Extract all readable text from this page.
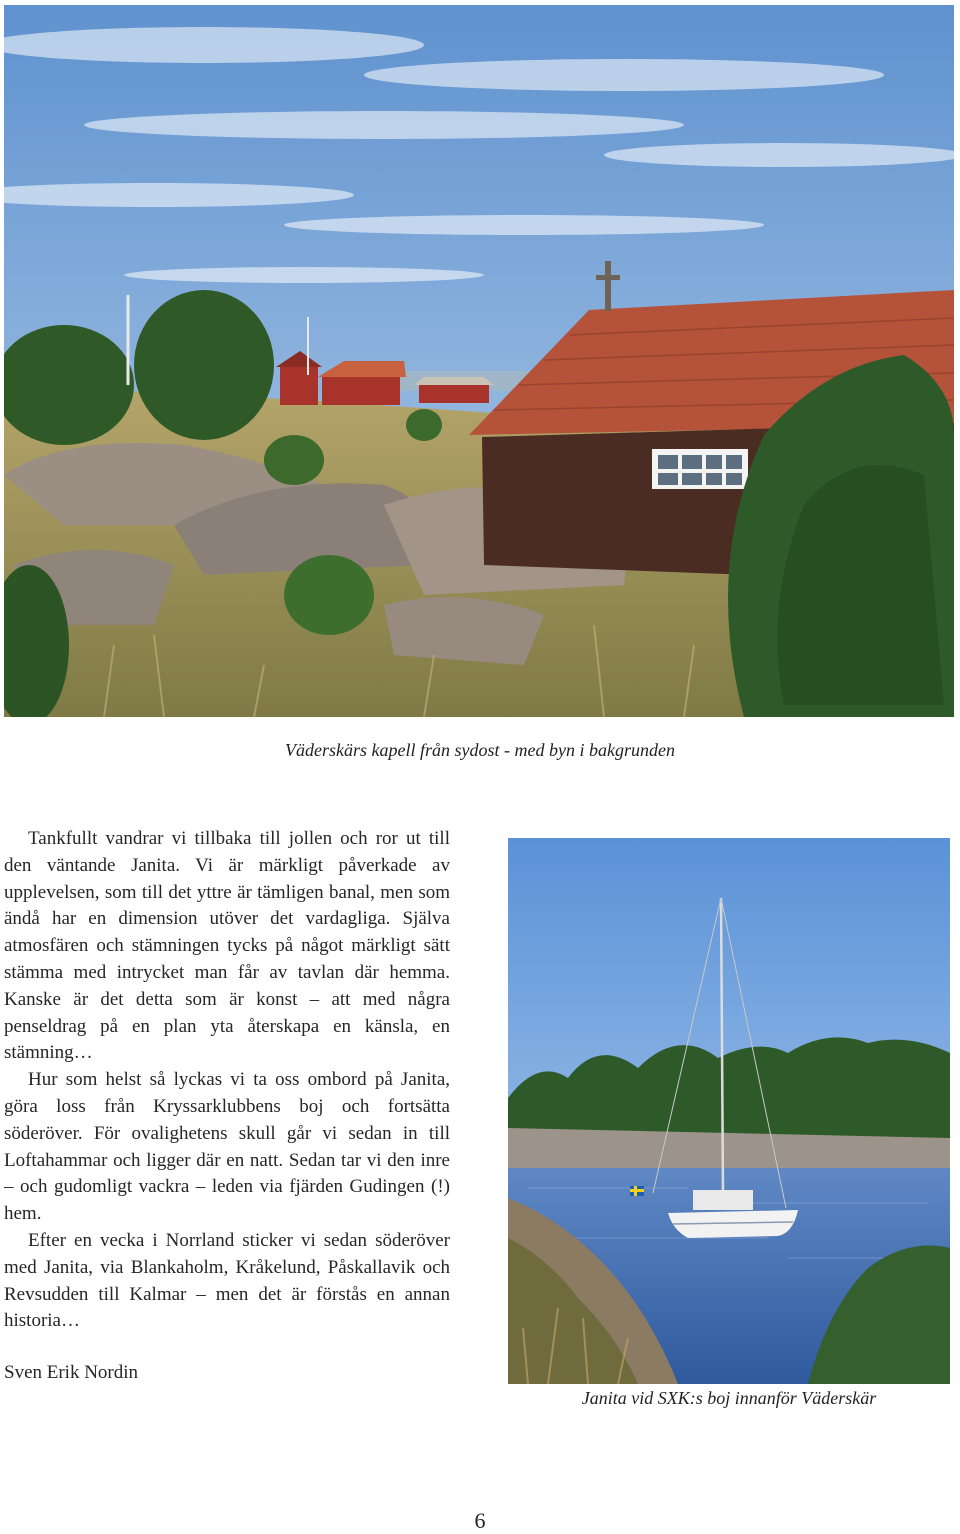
Väderskärs kapell från sydost - med byn i bakgrunden

Tankfullt vandrar vi tillbaka till jollen och ror ut till den väntande Janita. Vi är märkligt påverkade av upplevelsen, som till det yttre är tämligen banal, men som ändå har en dimension utöver det vardagliga. Själva atmosfären och stämningen tycks på något märkligt sätt stämma med intrycket man får av tavlan där hemma. Kanske är det detta som är konst – att med några penseldrag på en plan yta återskapa en känsla, en stämning…

Hur som helst så lyckas vi ta oss ombord på Janita, göra loss från Kryssarklubbens boj och fortsätta söderöver. För ovalighetens skull går vi sedan in till Loftahammar och ligger där en natt. Sedan tar vi den inre – och gudomligt vackra – leden via fjärden Gudingen (!) hem.

Efter en vecka i Norrland sticker vi sedan söderöver med Janita, via Blankaholm, Kråkelund, Påskallavik och Revsudden till Kalmar – men det är förstås en annan historia…

Sven Erik Nordin
Janita vid SXK:s boj innanför Väderskär
6
